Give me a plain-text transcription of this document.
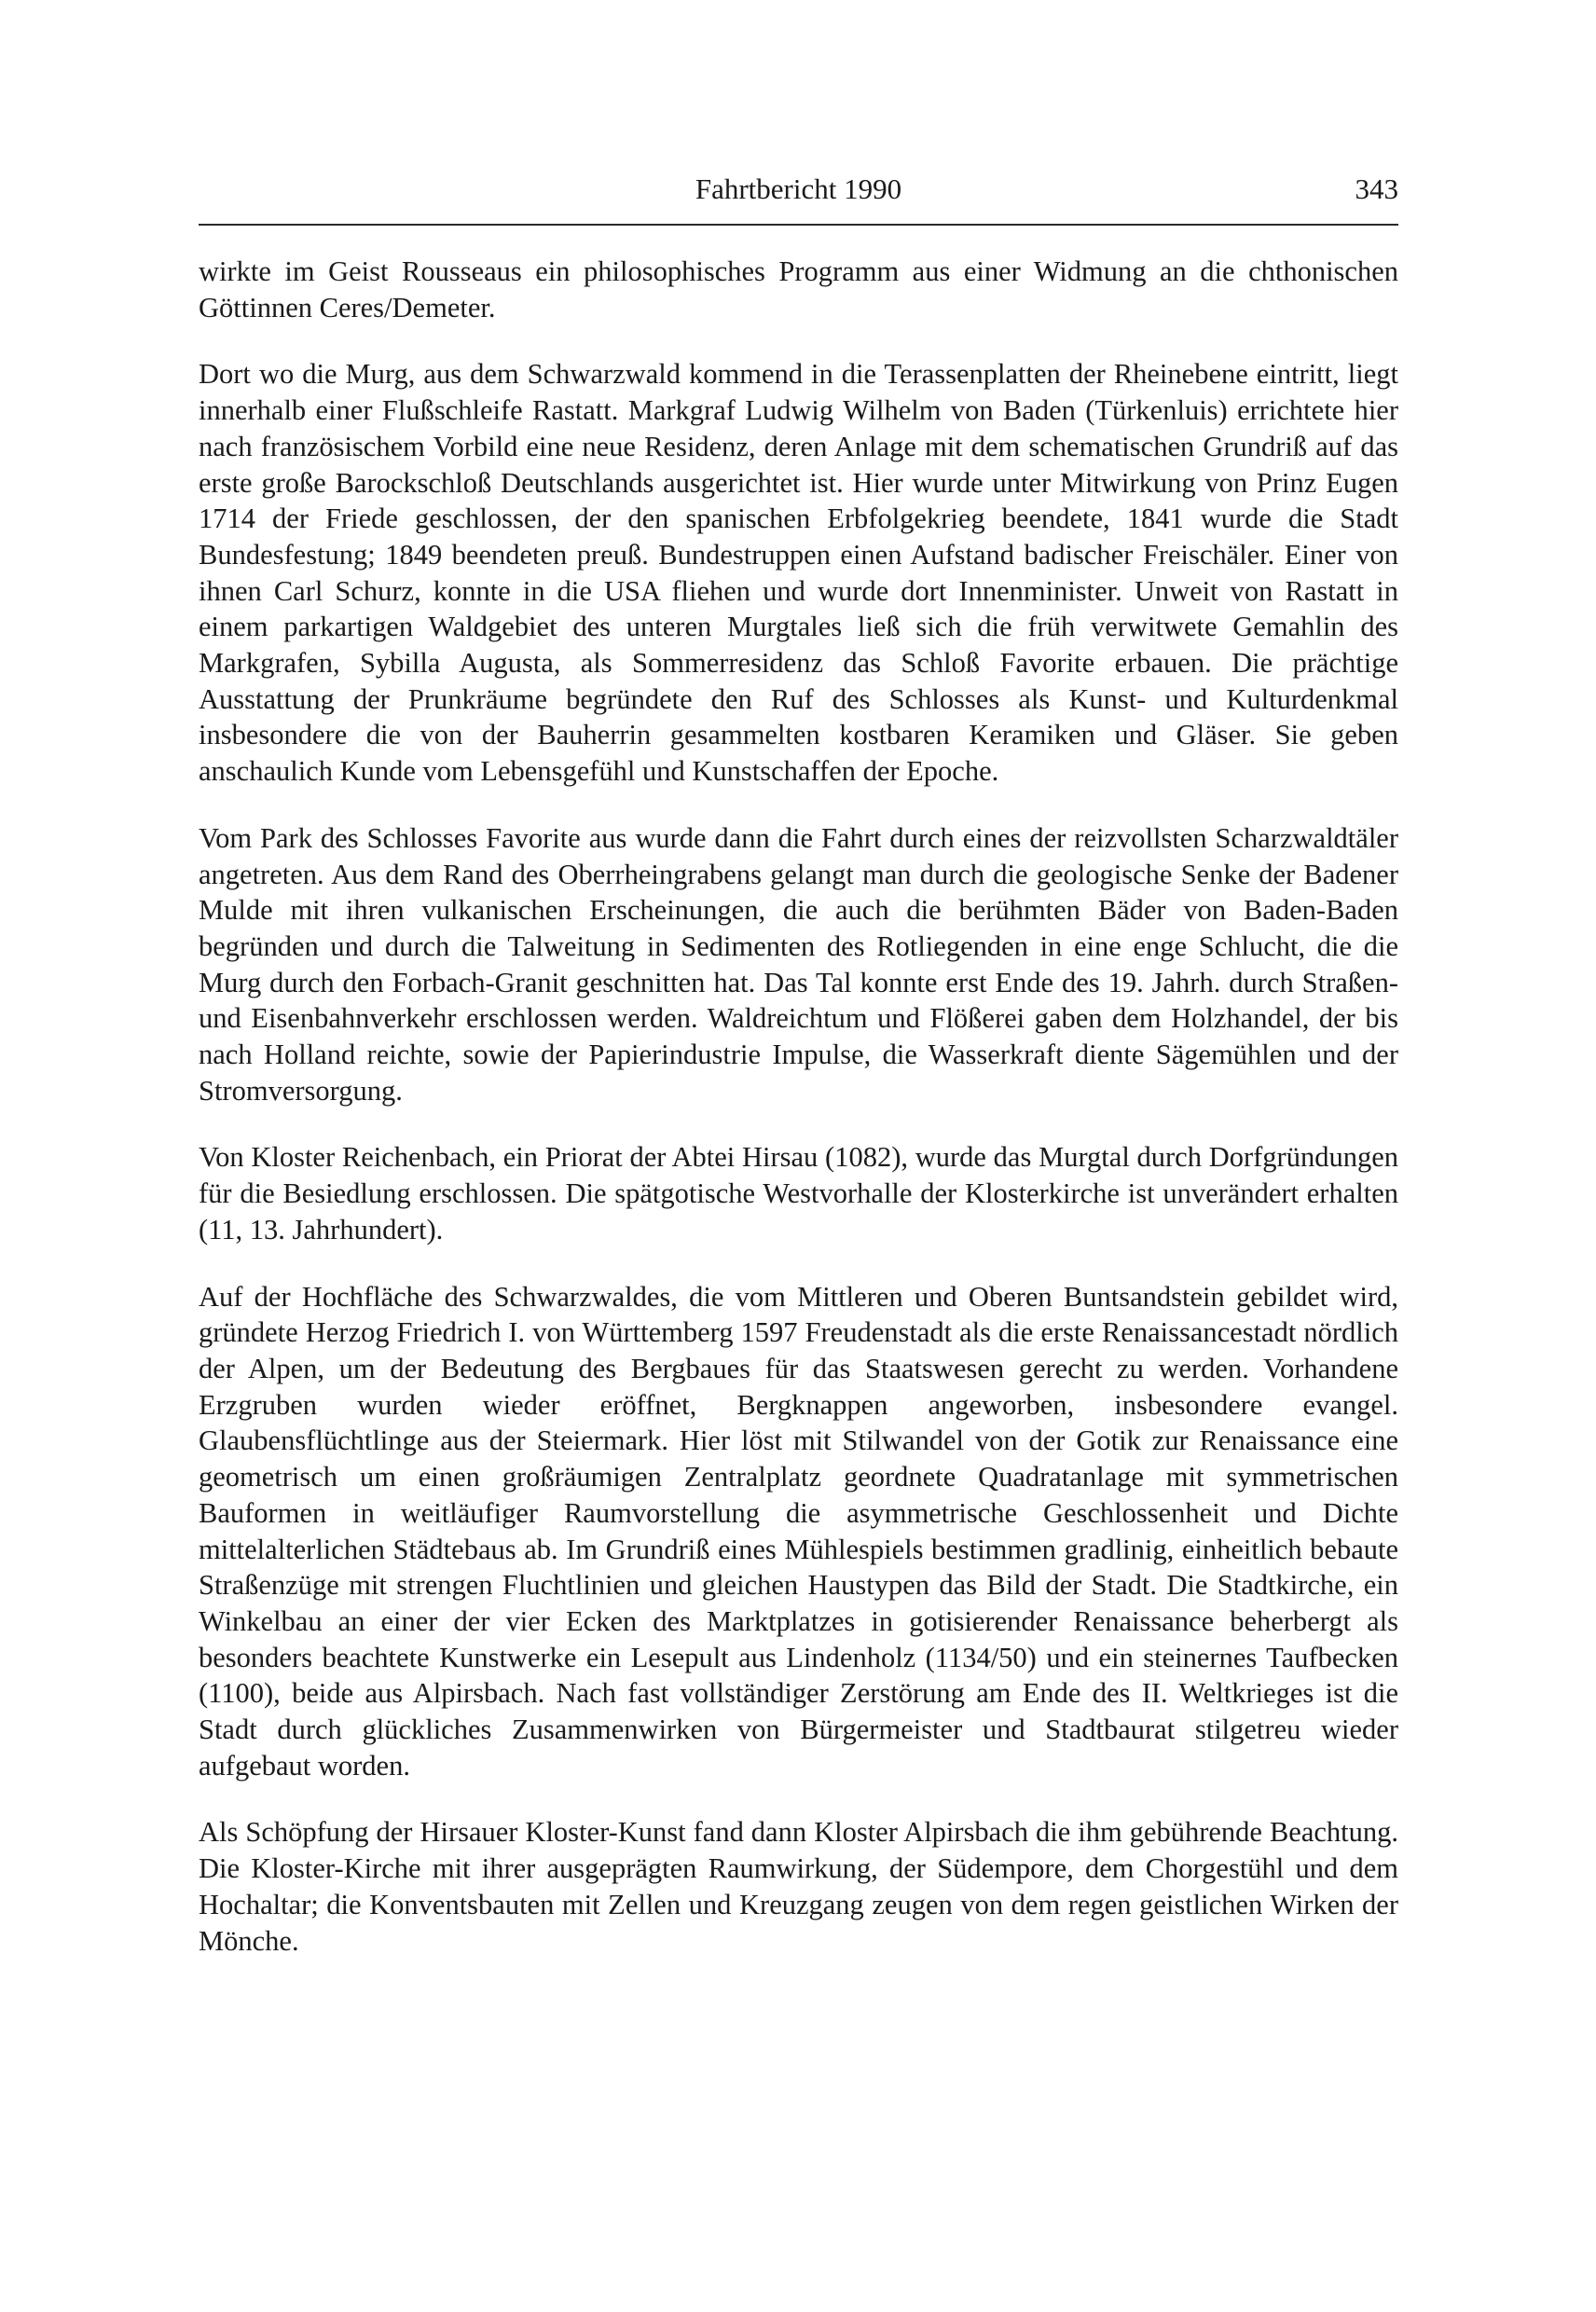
Fahrtbericht 1990	343

wirkte im Geist Rousseaus ein philosophisches Programm aus einer Widmung an die chthonischen Göttinnen Ceres/Demeter.

Dort wo die Murg, aus dem Schwarzwald kommend in die Terassenplatten der Rheinebene eintritt, liegt innerhalb einer Flußschleife Rastatt. Markgraf Ludwig Wilhelm von Baden (Türkenluis) errichtete hier nach französischem Vorbild eine neue Residenz, deren Anlage mit dem schematischen Grundriß auf das erste große Barockschloß Deutschlands ausgerichtet ist. Hier wurde unter Mitwirkung von Prinz Eugen 1714 der Friede geschlossen, der den spanischen Erbfolgekrieg beendete, 1841 wurde die Stadt Bundesfestung; 1849 beendeten preuß. Bundestruppen einen Aufstand badischer Freischäler. Einer von ihnen Carl Schurz, konnte in die USA fliehen und wurde dort Innenminister. Unweit von Rastatt in einem parkartigen Waldgebiet des unteren Murgtales ließ sich die früh verwitwete Gemahlin des Markgrafen, Sybilla Augusta, als Sommerresidenz das Schloß Favorite erbauen. Die prächtige Ausstattung der Prunkräume begründete den Ruf des Schlosses als Kunst- und Kulturdenkmal insbesondere die von der Bauherrin gesammelten kostbaren Keramiken und Gläser. Sie geben anschaulich Kunde vom Lebensgefühl und Kunstschaffen der Epoche.

Vom Park des Schlosses Favorite aus wurde dann die Fahrt durch eines der reizvollsten Scharzwaldtäler angetreten. Aus dem Rand des Oberrheingrabens gelangt man durch die geologische Senke der Badener Mulde mit ihren vulkanischen Erscheinungen, die auch die berühmten Bäder von Baden-Baden begründen und durch die Talweitung in Sedimenten des Rotliegenden in eine enge Schlucht, die die Murg durch den Forbach-Granit geschnitten hat. Das Tal konnte erst Ende des 19. Jahrh. durch Straßen- und Eisenbahnverkehr erschlossen werden. Waldreichtum und Flößerei gaben dem Holzhandel, der bis nach Holland reichte, sowie der Papierindustrie Impulse, die Wasserkraft diente Sägemühlen und der Stromversorgung.

Von Kloster Reichenbach, ein Priorat der Abtei Hirsau (1082), wurde das Murgtal durch Dorfgründungen für die Besiedlung erschlossen. Die spätgotische Westvorhalle der Klosterkirche ist unverändert erhalten (11, 13. Jahrhundert).

Auf der Hochfläche des Schwarzwaldes, die vom Mittleren und Oberen Buntsandstein gebildet wird, gründete Herzog Friedrich I. von Württemberg 1597 Freudenstadt als die erste Renaissancestadt nördlich der Alpen, um der Bedeutung des Bergbaues für das Staatswesen gerecht zu werden. Vorhandene Erzgruben wurden wieder eröffnet, Bergknappen angeworben, insbesondere evangel. Glaubensflüchtlinge aus der Steiermark. Hier löst mit Stilwandel von der Gotik zur Renaissance eine geometrisch um einen großräumigen Zentralplatz geordnete Quadratanlage mit symmetrischen Bauformen in weitläufiger Raumvorstellung die asymmetrische Geschlossenheit und Dichte mittelalterlichen Städtebaus ab. Im Grundriß eines Mühlespiels bestimmen gradlinig, einheitlich bebaute Straßenzüge mit strengen Fluchtlinien und gleichen Haustypen das Bild der Stadt. Die Stadtkirche, ein Winkelbau an einer der vier Ecken des Marktplatzes in gotisierender Renaissance beherbergt als besonders beachtete Kunstwerke ein Lesepult aus Lindenholz (1134/50) und ein steinernes Taufbecken (1100), beide aus Alpirsbach. Nach fast vollständiger Zerstörung am Ende des II. Weltkrieges ist die Stadt durch glückliches Zusammenwirken von Bürgermeister und Stadtbaurat stilgetreu wieder aufgebaut worden.

Als Schöpfung der Hirsauer Kloster-Kunst fand dann Kloster Alpirsbach die ihm gebührende Beachtung. Die Kloster-Kirche mit ihrer ausgeprägten Raumwirkung, der Südempore, dem Chorgestühl und dem Hochaltar; die Konventsbauten mit Zellen und Kreuzgang zeugen von dem regen geistlichen Wirken der Mönche.
